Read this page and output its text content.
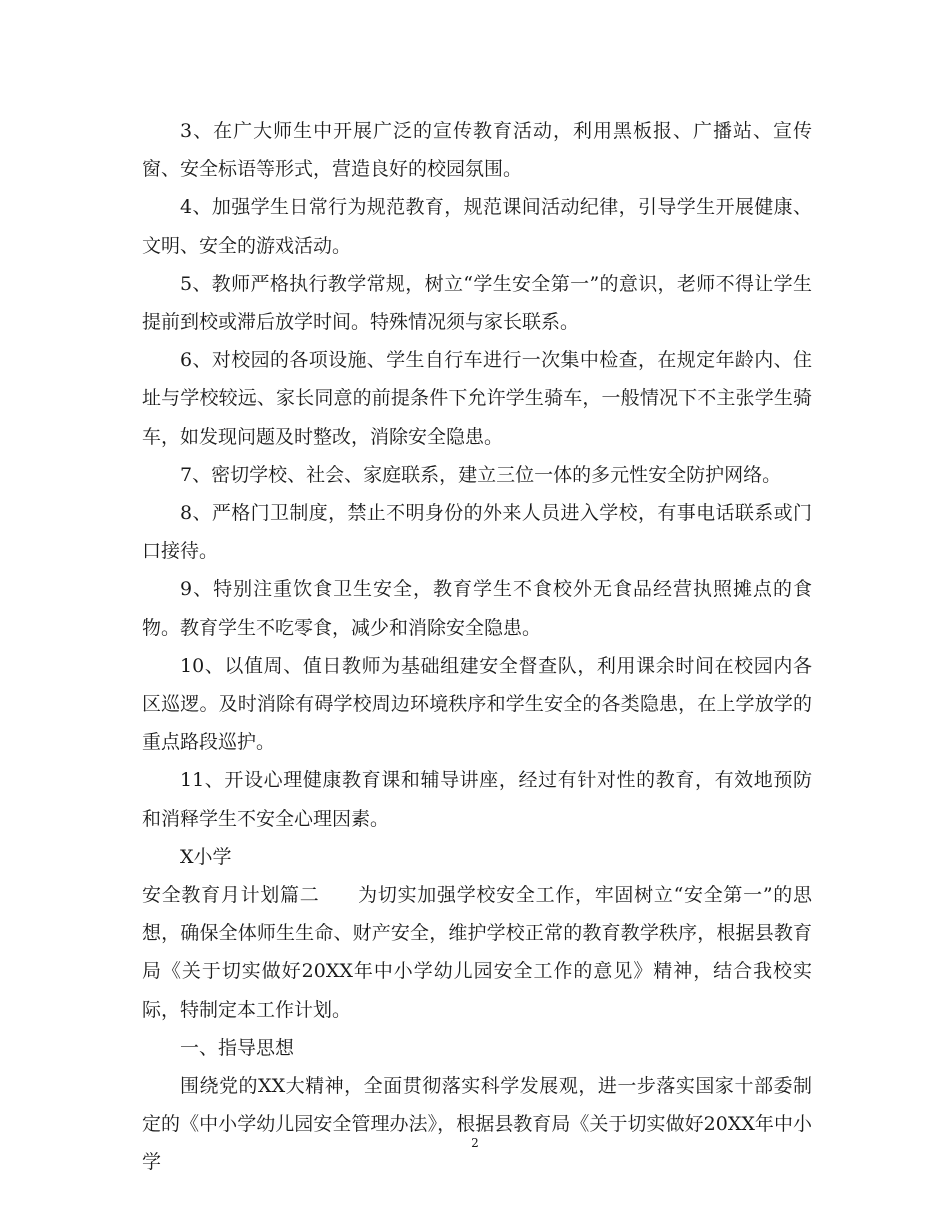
3、在广大师生中开展广泛的宣传教育活动，利用黑板报、广播站、宣传窗、安全标语等形式，营造良好的校园氛围。

4、加强学生日常行为规范教育，规范课间活动纪律，引导学生开展健康、文明、安全的游戏活动。

5、教师严格执行教学常规，树立“学生安全第一”的意识，老师不得让学生提前到校或滞后放学时间。特殊情况须与家长联系。

6、对校园的各项设施、学生自行车进行一次集中检查，在规定年龄内、住址与学校较远、家长同意的前提条件下允许学生骑车，一般情况下不主张学生骑车，如发现问题及时整改，消除安全隐患。

7、密切学校、社会、家庭联系，建立三位一体的多元性安全防护网络。

8、严格门卫制度，禁止不明身份的外来人员进入学校，有事电话联系或门口接待。

9、特别注重饮食卫生安全，教育学生不食校外无食品经营执照摊点的食物。教育学生不吃零食，减少和消除安全隐患。

10、以值周、值日教师为基础组建安全督查队，利用课余时间在校园内各区巡逻。及时消除有碍学校周边环境秩序和学生安全的各类隐患，在上学放学的重点路段巡护。

11、开设心理健康教育课和辅导讲座，经过有针对性的教育，有效地预防和消释学生不安全心理因素。

X小学

安全教育月计划篇二 为切实加强学校安全工作，牢固树立“安全第一”的思想，确保全体师生生命、财产安全，维护学校正常的教育教学秩序，根据县教育局《关于切实做好20XX年中小学幼儿园安全工作的意见》精神，结合我校实际，特制定本工作计划。

一、指导思想

围绕党的XX大精神，全面贯彻落实科学发展观，进一步落实国家十部委制定的《中小学幼儿园安全管理办法》，根据县教育局《关于切实做好20XX年中小学

2
